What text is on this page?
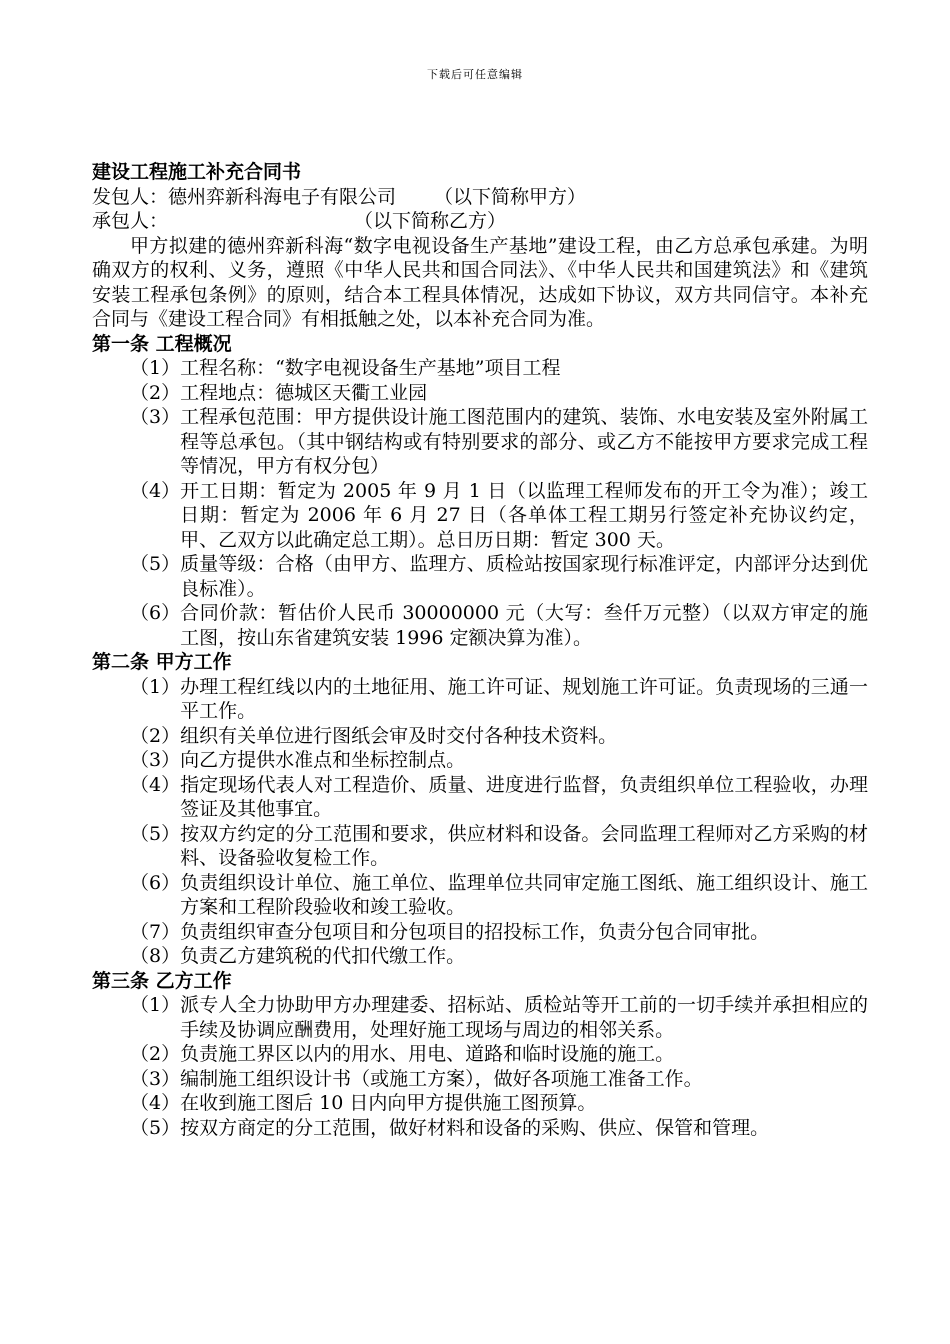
下载后可任意编辑
建设工程施工补充合同书
发包人：德州弈新科海电子有限公司 （以下简称甲方）
承包人：	（以下简称乙方）
甲方拟建的德州弈新科海“数字电视设备生产基地”建设工程，由乙方总承包承建。为明确双方的权利、义务，遵照《中华人民共和国合同法》、《中华人民共和国建筑法》和《建筑安装工程承包条例》的原则，结合本工程具体情况，达成如下协议，双方共同信守。本补充合同与《建设工程合同》有相抵触之处，以本补充合同为准。
第一条 工程概况
（1） 工程名称：“数字电视设备生产基地”项目工程
（2） 工程地点：德城区天衢工业园
（3） 工程承包范围：甲方提供设计施工图范围内的建筑、装饰、水电安装及室外附属工程等总承包。（其中钢结构或有特别要求的部分、或乙方不能按甲方要求完成工程等情况，甲方有权分包）
（4） 开工日期：暂定为 2005 年 9 月 1 日（以监理工程师发布的开工令为准）；竣工日期：暂定为 2006 年 6 月 27 日（各单体工程工期另行签定补充协议约定，甲、乙双方以此确定总工期）。总日历日期：暂定 300 天。
（5） 质量等级：合格（由甲方、监理方、质检站按国家现行标准评定，内部评分达到优良标准）。
（6） 合同价款：暂估价人民币 30000000 元（大写：叁仟万元整）（以双方审定的施工图，按山东省建筑安装 1996 定额决算为准）。
第二条 甲方工作
（1） 办理工程红线以内的土地征用、施工许可证、规划施工许可证。负责现场的三通一平工作。
（2） 组织有关单位进行图纸会审及时交付各种技术资料。
（3） 向乙方提供水准点和坐标控制点。
（4） 指定现场代表人对工程造价、质量、进度进行监督，负责组织单位工程验收，办理签证及其他事宜。
（5） 按双方约定的分工范围和要求，供应材料和设备。会同监理工程师对乙方采购的材料、设备验收复检工作。
（6） 负责组织设计单位、施工单位、监理单位共同审定施工图纸、施工组织设计、施工方案和工程阶段验收和竣工验收。
（7） 负责组织审查分包项目和分包项目的招投标工作，负责分包合同审批。
（8） 负责乙方建筑税的代扣代缴工作。
第三条 乙方工作
（1） 派专人全力协助甲方办理建委、招标站、质检站等开工前的一切手续并承担相应的手续及协调应酬费用，处理好施工现场与周边的相邻关系。
（2） 负责施工界区以内的用水、用电、道路和临时设施的施工。
（3） 编制施工组织设计书（或施工方案），做好各项施工准备工作。
（4） 在收到施工图后 10 日内向甲方提供施工图预算。
（5） 按双方商定的分工范围，做好材料和设备的采购、供应、保管和管理。
